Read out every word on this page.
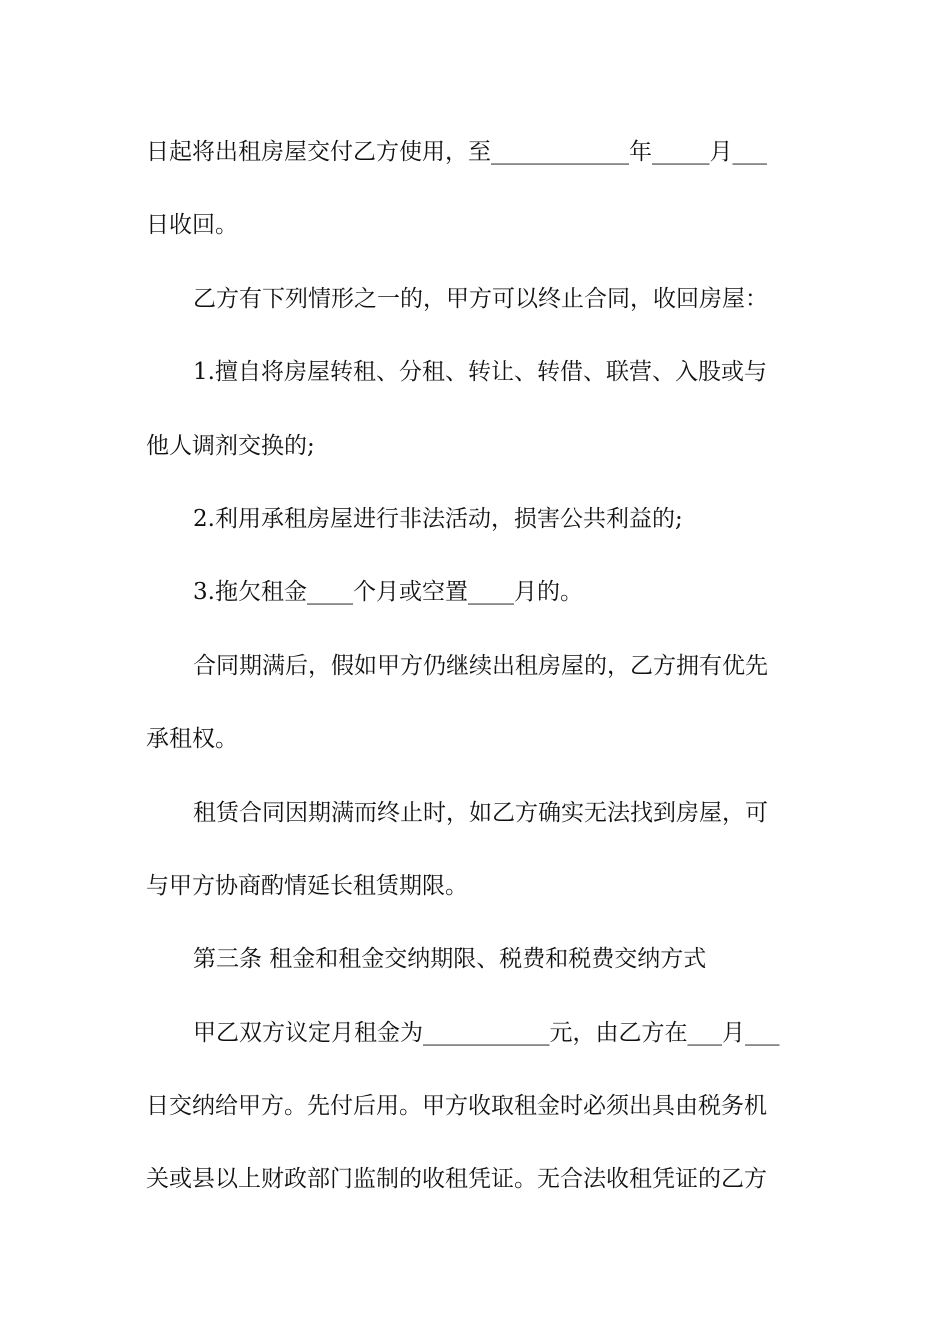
日起将出租房屋交付乙方使用，至____________年_____月___
日收回。
乙方有下列情形之一的，甲方可以终止合同，收回房屋：
1.擅自将房屋转租、分租、转让、转借、联营、入股或与
他人调剂交换的;
2.利用承租房屋进行非法活动，损害公共利益的;
3.拖欠租金____个月或空置____月的。
合同期满后，假如甲方仍继续出租房屋的，乙方拥有优先
承租权。
租赁合同因期满而终止时，如乙方确实无法找到房屋，可
与甲方协商酌情延长租赁期限。
第三条 租金和租金交纳期限、税费和税费交纳方式
甲乙双方议定月租金为___________元，由乙方在___月___
日交纳给甲方。先付后用。甲方收取租金时必须出具由税务机
关或县以上财政部门监制的收租凭证。无合法收租凭证的乙方
